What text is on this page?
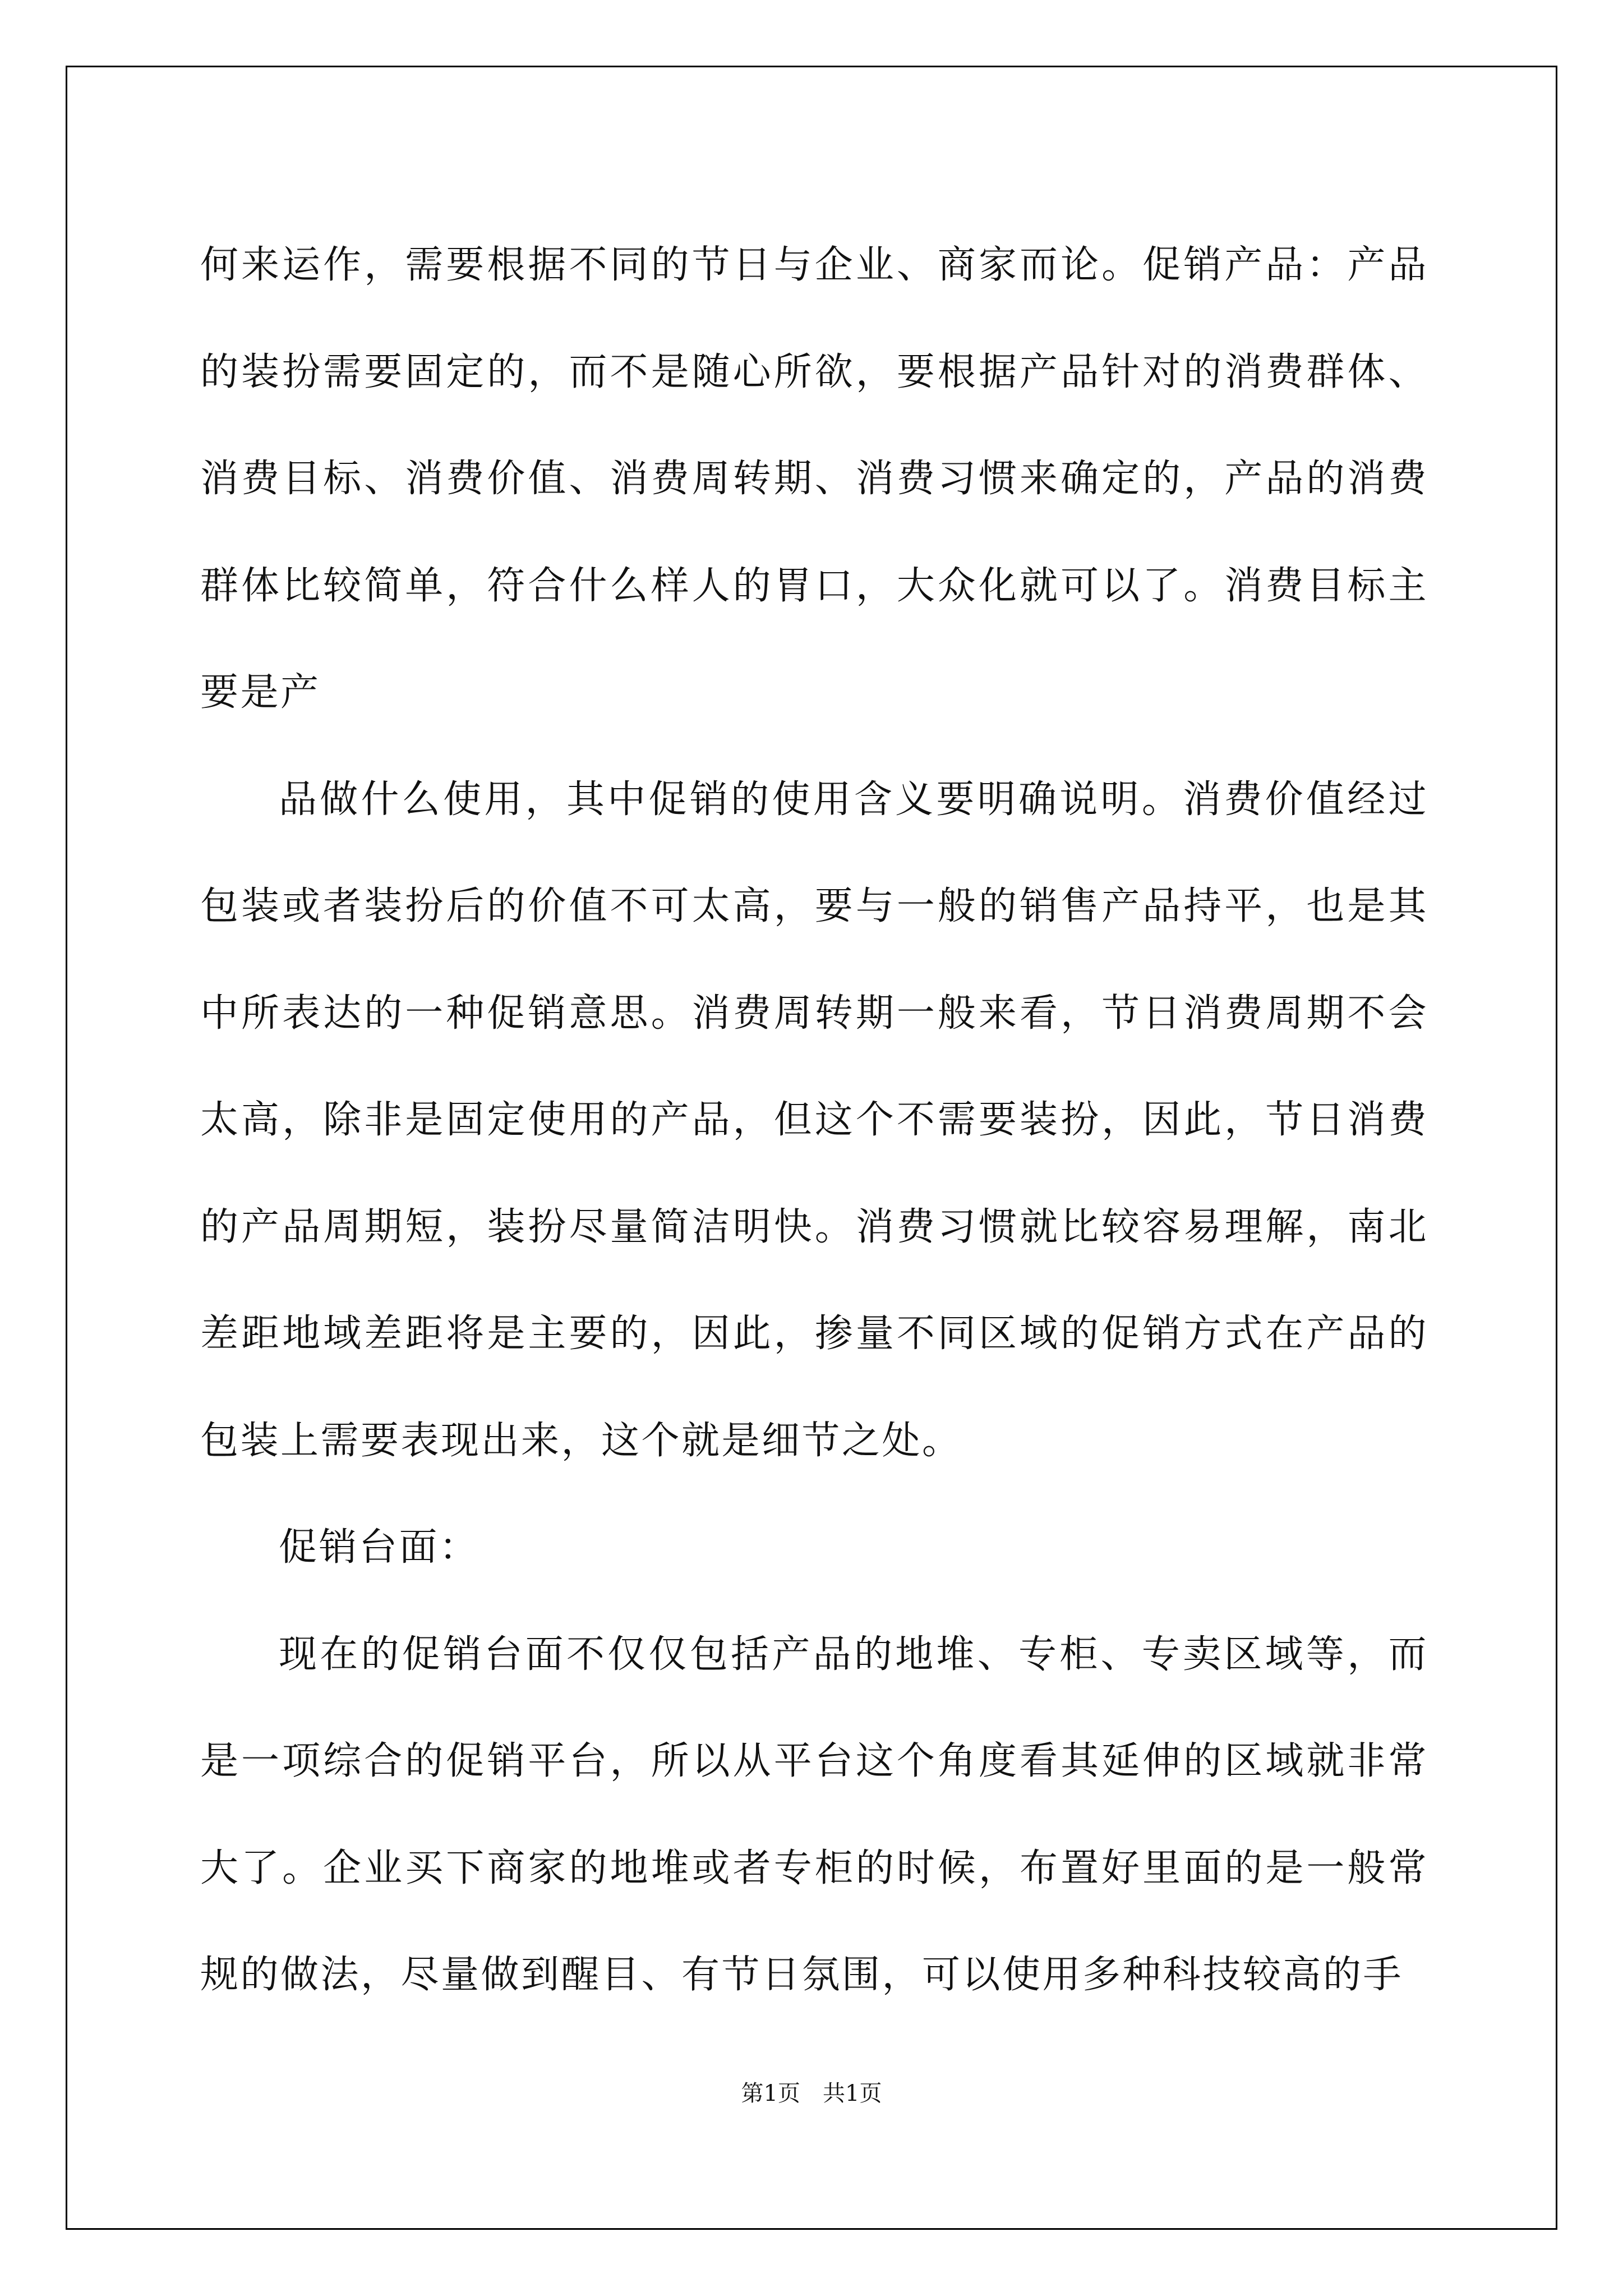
何来运作，需要根据不同的节日与企业、商家而论。促销产品：产品的装扮需要固定的，而不是随心所欲，要根据产品针对的消费群体、消费目标、消费价值、消费周转期、消费习惯来确定的，产品的消费群体比较简单，符合什么样人的胃口，大众化就可以了。消费目标主要是产

品做什么使用，其中促销的使用含义要明确说明。消费价值经过包装或者装扮后的价值不可太高，要与一般的销售产品持平，也是其中所表达的一种促销意思。消费周转期一般来看，节日消费周期不会太高，除非是固定使用的产品，但这个不需要装扮，因此，节日消费的产品周期短，装扮尽量简洁明快。消费习惯就比较容易理解，南北差距地域差距将是主要的，因此，掺量不同区域的促销方式在产品的包装上需要表现出来，这个就是细节之处。

促销台面：

现在的促销台面不仅仅包括产品的地堆、专柜、专卖区域等，而是一项综合的促销平台，所以从平台这个角度看其延伸的区域就非常大了。企业买下商家的地堆或者专柜的时候，布置好里面的是一般常规的做法，尽量做到醒目、有节日氛围，可以使用多种科技较高的手

第1页 共1页
